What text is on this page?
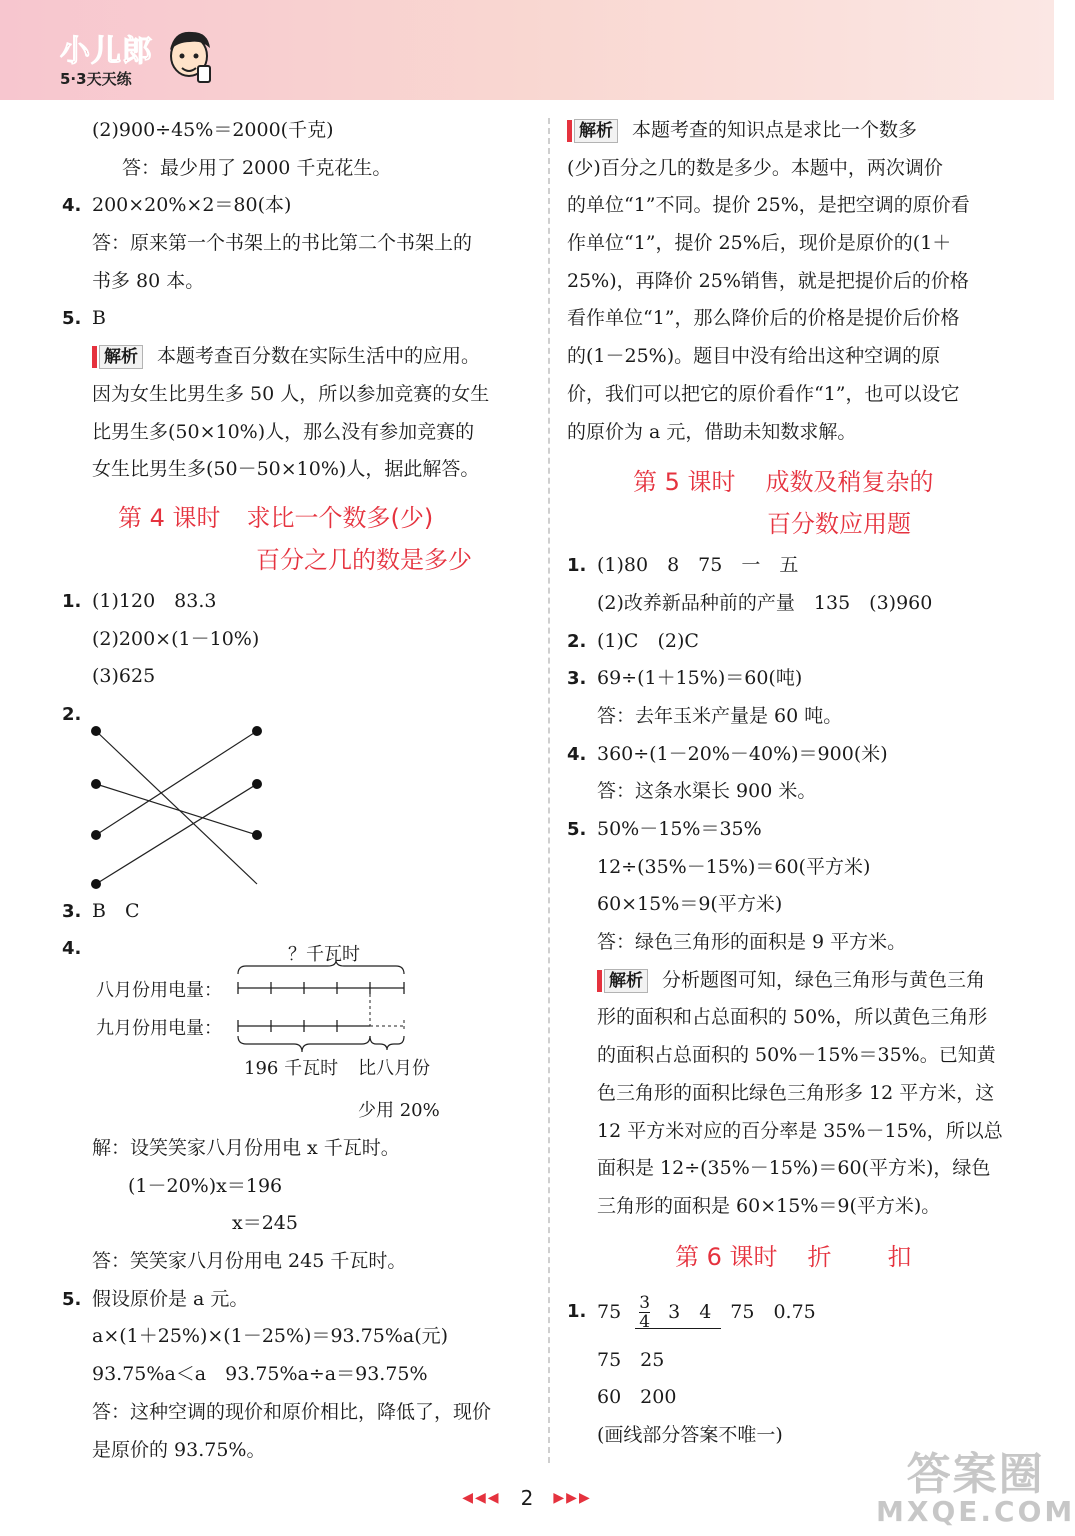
小儿郎
5·3天天练
(2)900÷45%＝2000(千克)
答：最少用了 2000 千克花生。
4. 200×20%×2＝80(本)
答：原来第一个书架上的书比第二个书架上的
书多 80 本。
5. B
解析 本题考查百分数在实际生活中的应用。
因为女生比男生多 50 人，所以参加竞赛的女生
比男生多(50×10%)人，那么没有参加竞赛的
女生比男生多(50－50×10%)人，据此解答。
第 4 课时 求比一个数多(少)
百分之几的数是多少
1. (1)120　83.3
(2)200×(1－10%)
(3)625
2.
3. B　C
4.	？千瓦时
八月份用电量：
九月份用电量：
196 千瓦时 比八月份
少用 20%
解：设笑笑家八月份用电 x 千瓦时。
(1－20%)x＝196
x＝245
答：笑笑家八月份用电 245 千瓦时。
5. 假设原价是 a 元。
a×(1＋25%)×(1－25%)＝93.75%a(元)
93.75%a＜a　93.75%a÷a＝93.75%
答：这种空调的现价和原价相比，降低了，现价
是原价的 93.75%。
解析 本题考查的知识点是求比一个数多
(少)百分之几的数是多少。本题中，两次调价
的单位“1”不同。提价 25%，是把空调的原价看
作单位“1”，提价 25%后，现价是原价的(1＋
25%)，再降价 25%销售，就是把提价后的价格
看作单位“1”，那么降价后的价格是提价后价格
的(1－25%)。题目中没有给出这种空调的原
价，我们可以把它的原价看作“1”，也可以设它
的原价为 a 元，借助未知数求解。
第 5 课时 成数及稍复杂的
百分数应用题
1. (1)80　8　75　一　五
(2)改养新品种前的产量　135　(3)960
2. (1)C　(2)C
3. 69÷(1＋15%)＝60(吨)
答：去年玉米产量是 60 吨。
4. 360÷(1－20%－40%)＝900(米)
答：这条水渠长 900 米。
5. 50%－15%＝35%
12÷(35%－15%)＝60(平方米)
60×15%＝9(平方米)
答：绿色三角形的面积是 9 平方米。
解析 分析题图可知，绿色三角形与黄色三角
形的面积和占总面积的 50%，所以黄色三角形
的面积占总面积的 50%－15%＝35%。已知黄
色三角形的面积比绿色三角形多 12 平方米，这
12 平方米对应的百分率是 35%－15%，所以总
面积是 12÷(35%－15%)＝60(平方米)，绿色
三角形的面积是 60×15%＝9(平方米)。
第 6 课时 折 扣
1. $75 \frac{3}{4} 3$　4　75　0.75
75　25
60　200
(画线部分答案不唯一)
◀◀◀ 2 ▶▶▶	答案圈
MXQE.COM
